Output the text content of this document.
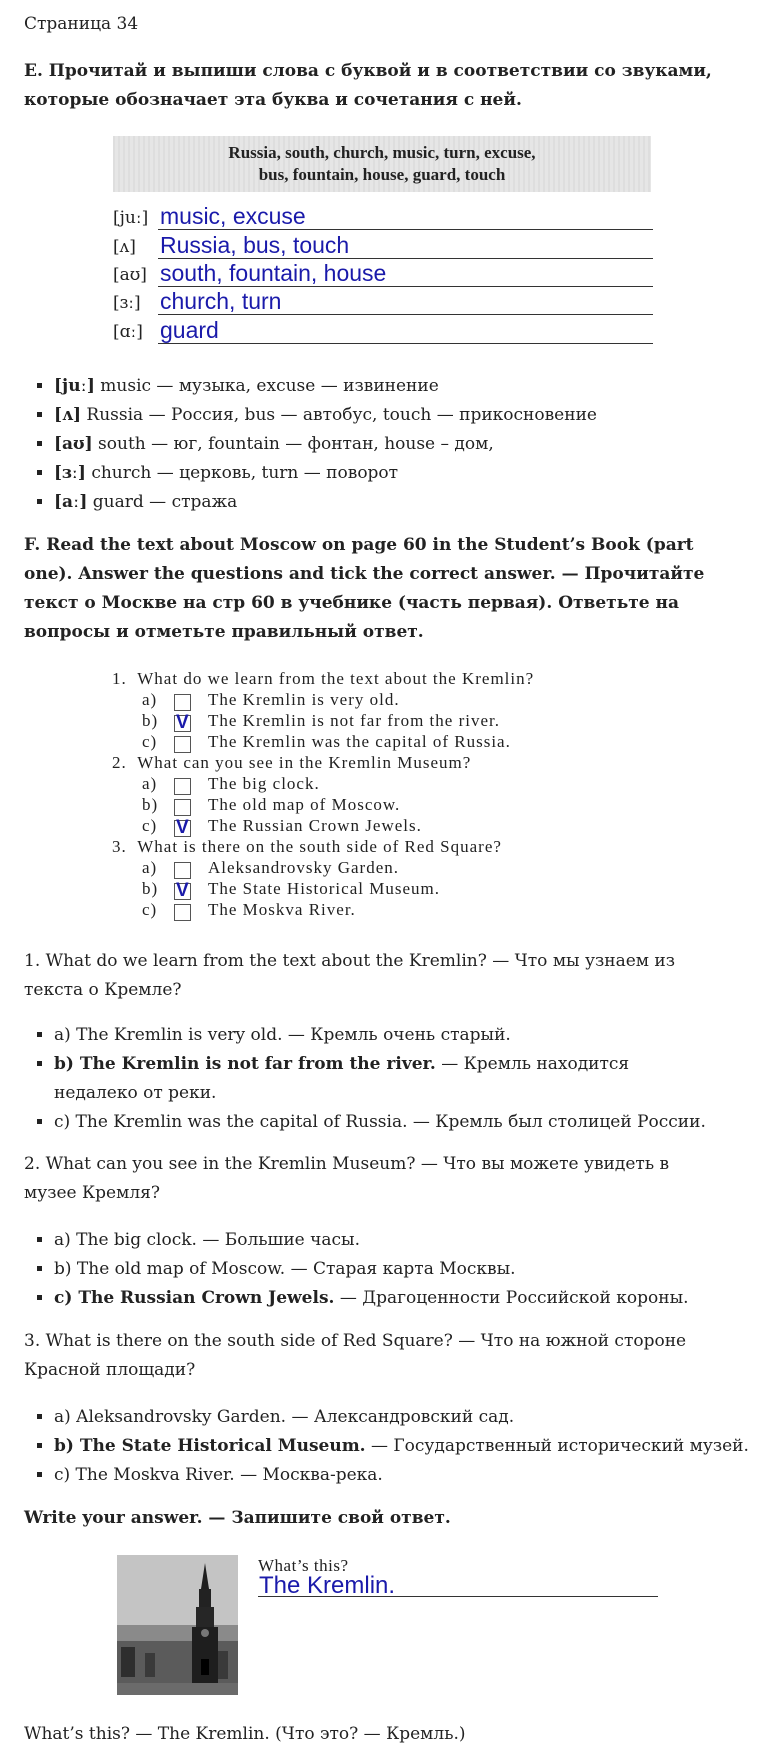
Страница 34
E. Прочитай и выпиши слова с буквой и в соответствии со звуками, которые обозначает эта буква и сочетания с ней.
Russia, south, church, music, turn, excuse,
bus, fountain, house, guard, touch
[juː] music, excuse
[ʌ] Russia, bus, touch
[aʊ] south, fountain, house
[ɜː] church, turn
[ɑː] guard
▪ [juː] music — музыка, excuse — извинение
▪ [ʌ] Russia — Россия, bus — автобус, touch — прикосновение
▪ [aʊ] south — юг, fountain — фонтан, house – дом,
▪ [ɜː] church — церковь, turn — поворот
▪ [aː] guard — стража
F. Read the text about Moscow on page 60 in the Student’s Book (part one). Answer the questions and tick the correct answer. — Прочитайте текст о Москве на стр 60 в учебнике (часть первая). Ответьте на вопросы и отметьте правильный ответ.
1. What do we learn from the text about the Kremlin?
a)	The Kremlin is very old.
b) V The Kremlin is not far from the river.
c)	The Kremlin was the capital of Russia.
2. What can you see in the Kremlin Museum?
a)	The big clock.
b)	The old map of Moscow.
c) V The Russian Crown Jewels.
3. What is there on the south side of Red Square?
a)	Aleksandrovsky Garden.
b) V The State Historical Museum.
c)	The Moskva River.
1. What do we learn from the text about the Kremlin? — Что мы узнаем из текста о Кремле?
▪ a) The Kremlin is very old. — Кремль очень старый.
▪ b) The Kremlin is not far from the river. — Кремль находится недалеко от реки.
▪ c) The Kremlin was the capital of Russia. — Кремль был столицей России.
2. What can you see in the Kremlin Museum? — Что вы можете увидеть в музее Кремля?
▪ a) The big clock. — Большие часы.
▪ b) The old map of Moscow. — Старая карта Москвы.
▪ c) The Russian Crown Jewels. — Драгоценности Российской короны.
3. What is there on the south side of Red Square? — Что на южной стороне Красной площади?
▪ a) Aleksandrovsky Garden. — Александровский сад.
▪ b) The State Historical Museum. — Государственный исторический музей.
▪ c) The Moskva River. — Москва-река.
Write your answer. — Запишите свой ответ.
What’s this?
The Kremlin.
What’s this? — The Kremlin. (Что это? — Кремль.)
